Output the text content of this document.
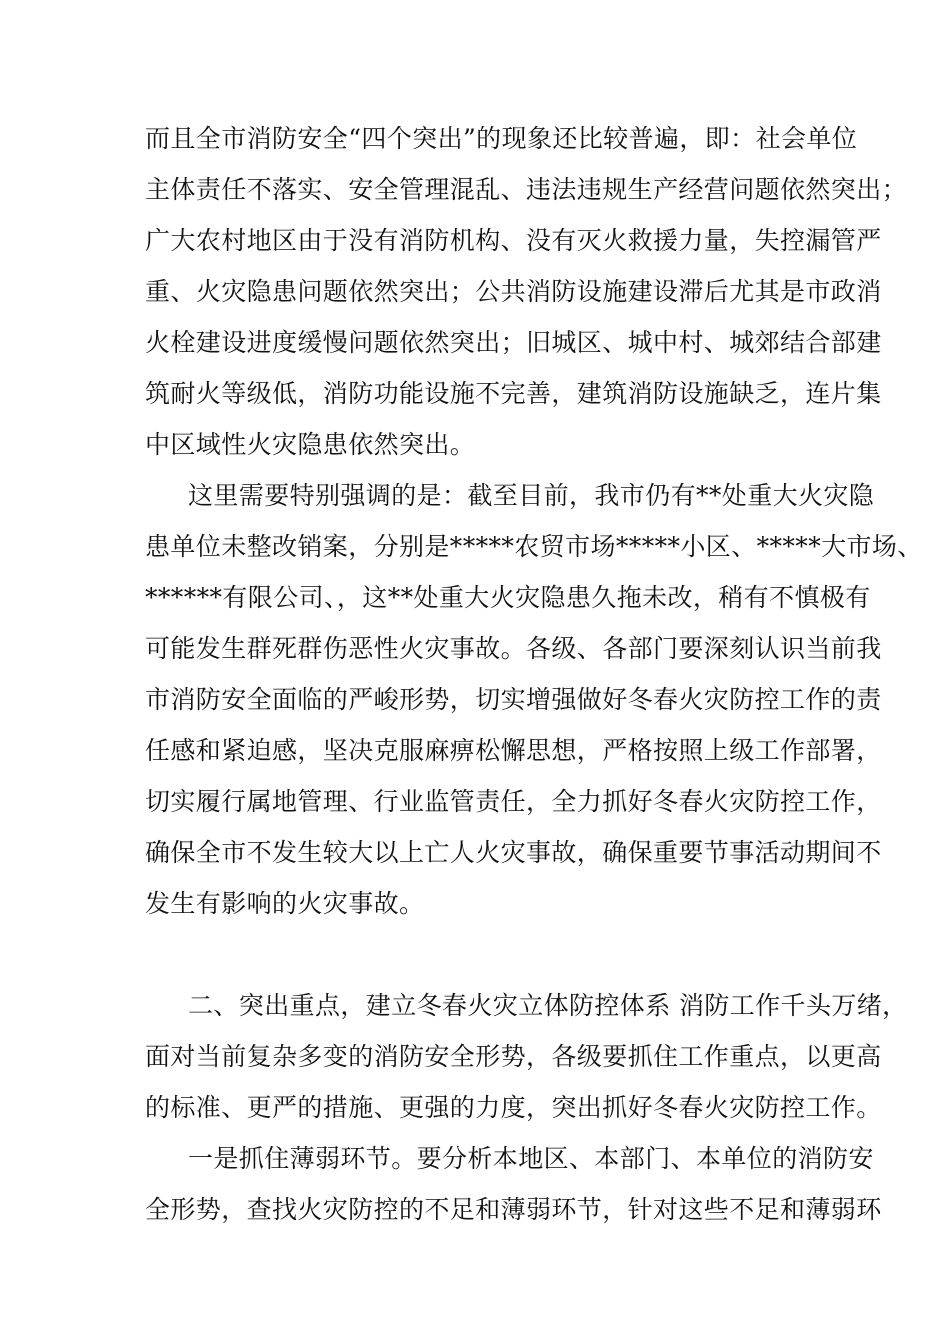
而且全市消防安全“四个突出”的现象还比较普遍，即：社会单位
主体责任不落实、安全管理混乱、违法违规生产经营问题依然突出；
广大农村地区由于没有消防机构、没有灭火救援力量，失控漏管严
重、火灾隐患问题依然突出；公共消防设施建设滞后尤其是市政消
火栓建设进度缓慢问题依然突出；旧城区、城中村、城郊结合部建
筑耐火等级低，消防功能设施不完善，建筑消防设施缺乏，连片集
中区域性火灾隐患依然突出。
这里需要特别强调的是：截至目前，我市仍有**处重大火灾隐
患单位未整改销案，分别是*****农贸市场*****小区、*****大市场、
******有限公司、，这**处重大火灾隐患久拖未改，稍有不慎极有
可能发生群死群伤恶性火灾事故。各级、各部门要深刻认识当前我
市消防安全面临的严峻形势，切实增强做好冬春火灾防控工作的责
任感和紧迫感，坚决克服麻痹松懈思想，严格按照上级工作部署，
切实履行属地管理、行业监管责任，全力抓好冬春火灾防控工作，
确保全市不发生较大以上亡人火灾事故，确保重要节事活动期间不
发生有影响的火灾事故。
二、突出重点，建立冬春火灾立体防控体系 消防工作千头万绪，
面对当前复杂多变的消防安全形势，各级要抓住工作重点，以更高
的标准、更严的措施、更强的力度，突出抓好冬春火灾防控工作。
一是抓住薄弱环节。要分析本地区、本部门、本单位的消防安
全形势，查找火灾防控的不足和薄弱环节，针对这些不足和薄弱环
